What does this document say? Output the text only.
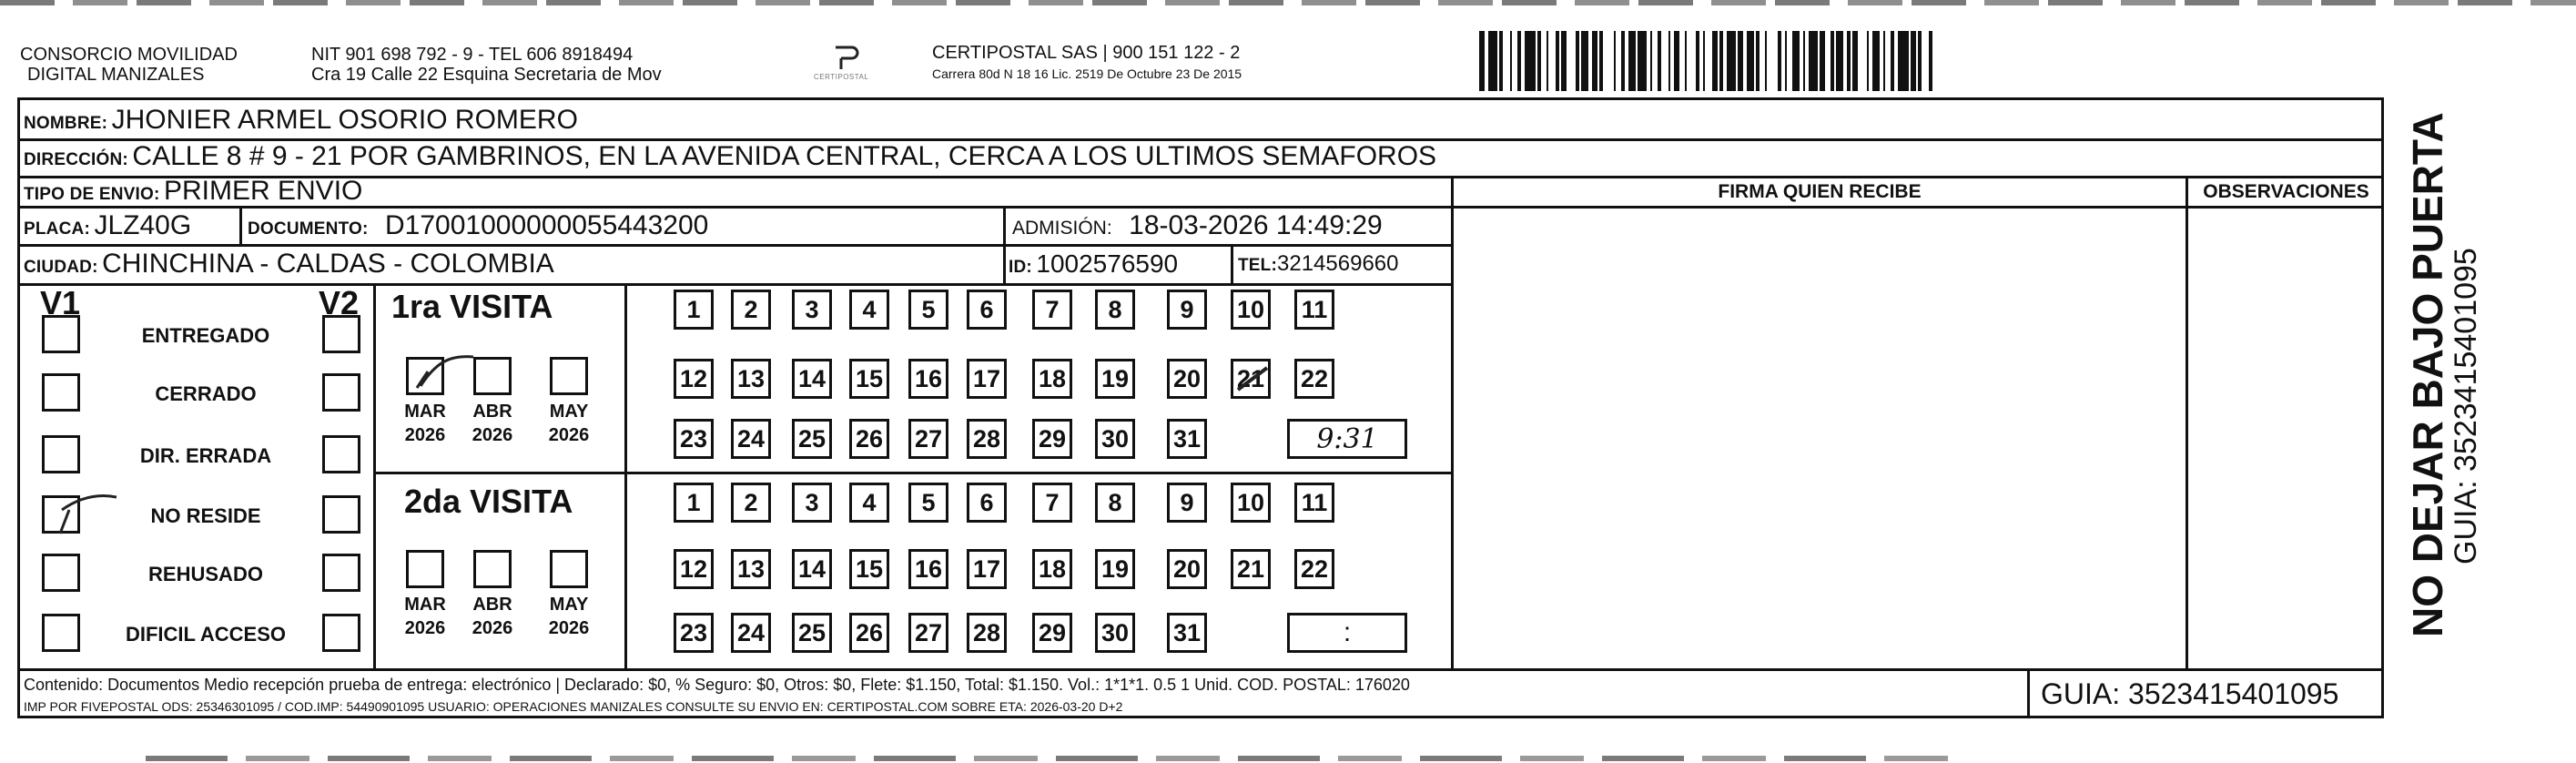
CONSORCIO MOVILIDAD
DIGITAL MANIZALES
NIT 901 698 792 - 9 - TEL 606 8918494
Cra 19 Calle 22 Esquina Secretaria de Mov	CERTIPOSTAL
CERTIPOSTAL SAS | 900 151 122 - 2
Carrera 80d N 18 16 Lic. 2519 De Octubre 23 De 2015
NOMBRE: JHONIER ARMEL OSORIO ROMERO
DIRECCIÓN: CALLE 8 # 9 - 21 POR GAMBRINOS, EN LA AVENIDA CENTRAL, CERCA A LOS ULTIMOS SEMAFOROS
TIPO DE ENVIO: PRIMER ENVIO	FIRMA QUIEN RECIBE	OBSERVACIONES
PLACA: JLZ40G	DOCUMENTO: D17001000000055443200	ADMISIÓN: 18-03-2026 14:49:29
CIUDAD: CHINCHINA - CALDAS - COLOMBIA	ID: 1002576590	TEL:3214569660
V1	V2
ENTREGADO
CERRADO
DIR. ERRADA
NO RESIDE
REHUSADO
DIFICIL ACCESO
1ra VISITA
MAR
2026
ABR
2026
MAY
2026
1	2	3	4	5	6	7	8	9	10 11
12 13 14 15 16 17 18 19 20 21 22
23 24 25 26 27 28 29 30 31	9:31
2da VISITA
MAR
2026
ABR
2026
MAY
2026
1	2	3	4	5	6	7	8	9	10 11
12 13 14 15 16 17 18 19 20 21 22
23 24 25 26 27 28 29 30 31	:
Contenido: Documentos Medio recepción prueba de entrega: electrónico | Declarado: $0, % Seguro: $0, Otros: $0, Flete: $1.150, Total: $1.150. Vol.: 1*1*1. 0.5 1 Unid. COD. POSTAL: 176020
IMP POR FIVEPOSTAL ODS: 25346301095 / COD.IMP: 54490901095 USUARIO: OPERACIONES MANIZALES CONSULTE SU ENVIO EN: CERTIPOSTAL.COM SOBRE ETA: 2026-03-20 D+2	GUIA: 3523415401095
NO DEJAR BAJO PUERTA
GUIA: 3523415401095
